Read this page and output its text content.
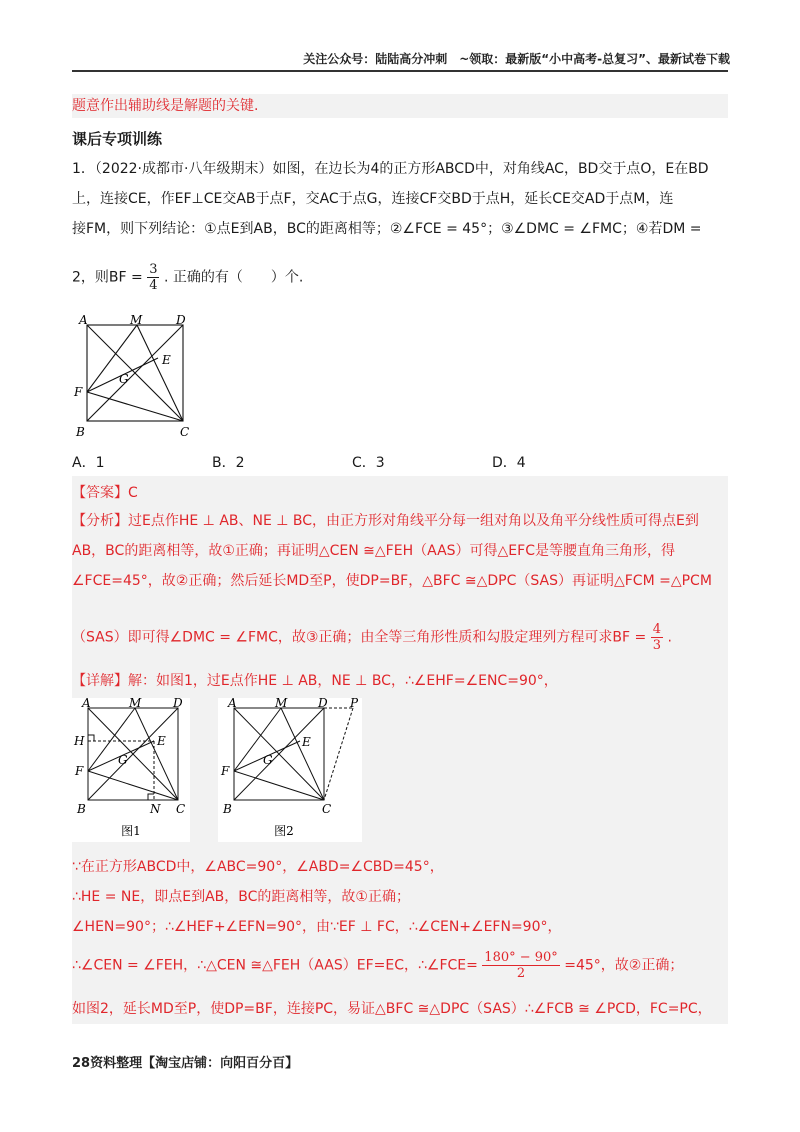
关注公众号：陆陆高分冲刺　~领取：最新版“小中高考-总复习”、最新试卷下载
题意作出辅助线是解题的关键.
课后专项训练
1．（2022·成都市·八年级期末）如图，在边长为4的正方形ABCD中，对角线AC，BD交于点O，E在BD
上，连接CE，作EF⊥CE交AB于点F，交AC于点G，连接CF交BD于点H，延长CE交AD于点M，连
接FM，则下列结论：①点E到AB，BC的距离相等；②∠FCE = 45°；③∠DMC = ∠FMC；④若DM =
2，则BF = $\frac{3}{4}$ . 正确的有（　　）个.
A	M	D
E
G
F
B	C
A．1	B．2	C．3	D．4
【答案】C
【分析】过E点作HE ⊥ AB、NE ⊥ BC，由正方形对角线平分每一组对角以及角平分线性质可得点E到
AB，BC的距离相等，故①正确；再证明△CEN ≅△FEH（AAS）可得△EFC是等腰直角三角形，得
∠FCE=45°，故②正确；然后延长MD至P，使DP=BF，△BFC ≅△DPC（SAS）再证明△FCM =△PCM
（SAS）即可得∠DMC = ∠FMC，故③正确；由全等三角形性质和勾股定理列方程可求BF = $\frac{4}{3}$ .
【详解】解：如图1，过E点作HE ⊥ AB，NE ⊥ BC，∴∠EHF=∠ENC=90°，
A	M	D
H	E
G
F
B	N C
图1
A	M	D P
E
G
F
B	C
图2
∵在正方形ABCD中，∠ABC=90°，∠ABD=∠CBD=45°，
∴HE = NE，即点E到AB，BC的距离相等，故①正确；
∠HEN=90°；∴∠HEF+∠EFN=90°，由∵EF ⊥ FC，∴∠CEN+∠EFN=90°，
∴∠CEN = ∠FEH，∴△CEN ≅△FEH（AAS）EF=EC，∴∠FCE= $\frac{180^\circ - 90^\circ}{2} =45^\circ$，故②正确；
如图2，延长MD至P，使DP=BF，连接PC，易证△BFC ≅△DPC（SAS）∴∠FCB ≅ ∠PCD，FC=PC，
28资料整理【淘宝店铺：向阳百分百】
